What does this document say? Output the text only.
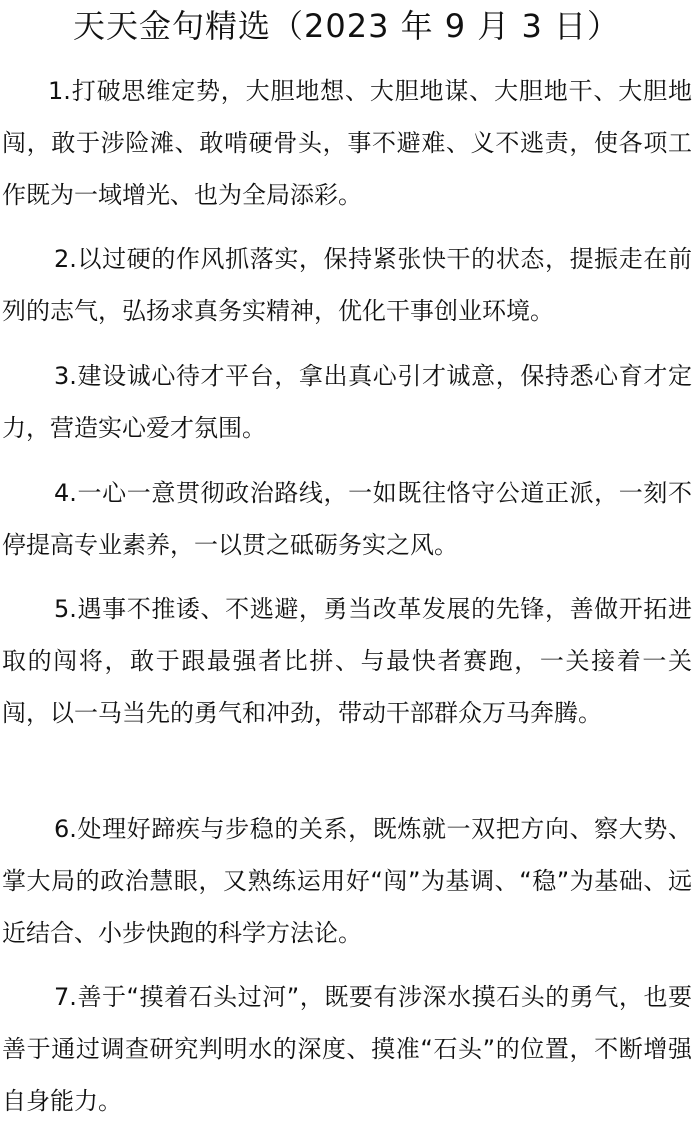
天天金句精选（2023 年 9 月 3 日）

1.打破思维定势，大胆地想、大胆地谋、大胆地干、大胆地闯，敢于涉险滩、敢啃硬骨头，事不避难、义不逃责，使各项工作既为一域增光、也为全局添彩。

2.以过硬的作风抓落实，保持紧张快干的状态，提振走在前列的志气，弘扬求真务实精神，优化干事创业环境。

3.建设诚心待才平台，拿出真心引才诚意，保持悉心育才定力，营造实心爱才氛围。

4.一心一意贯彻政治路线，一如既往恪守公道正派，一刻不停提高专业素养，一以贯之砥砺务实之风。

5.遇事不推诿、不逃避，勇当改革发展的先锋，善做开拓进取的闯将，敢于跟最强者比拼、与最快者赛跑，一关接着一关闯，以一马当先的勇气和冲劲，带动干部群众万马奔腾。

6.处理好蹄疾与步稳的关系，既炼就一双把方向、察大势、掌大局的政治慧眼，又熟练运用好“闯”为基调、“稳”为基础、远近结合、小步快跑的科学方法论。

7.善于“摸着石头过河”，既要有涉深水摸石头的勇气，也要善于通过调查研究判明水的深度、摸准“石头”的位置，不断增强自身能力。
